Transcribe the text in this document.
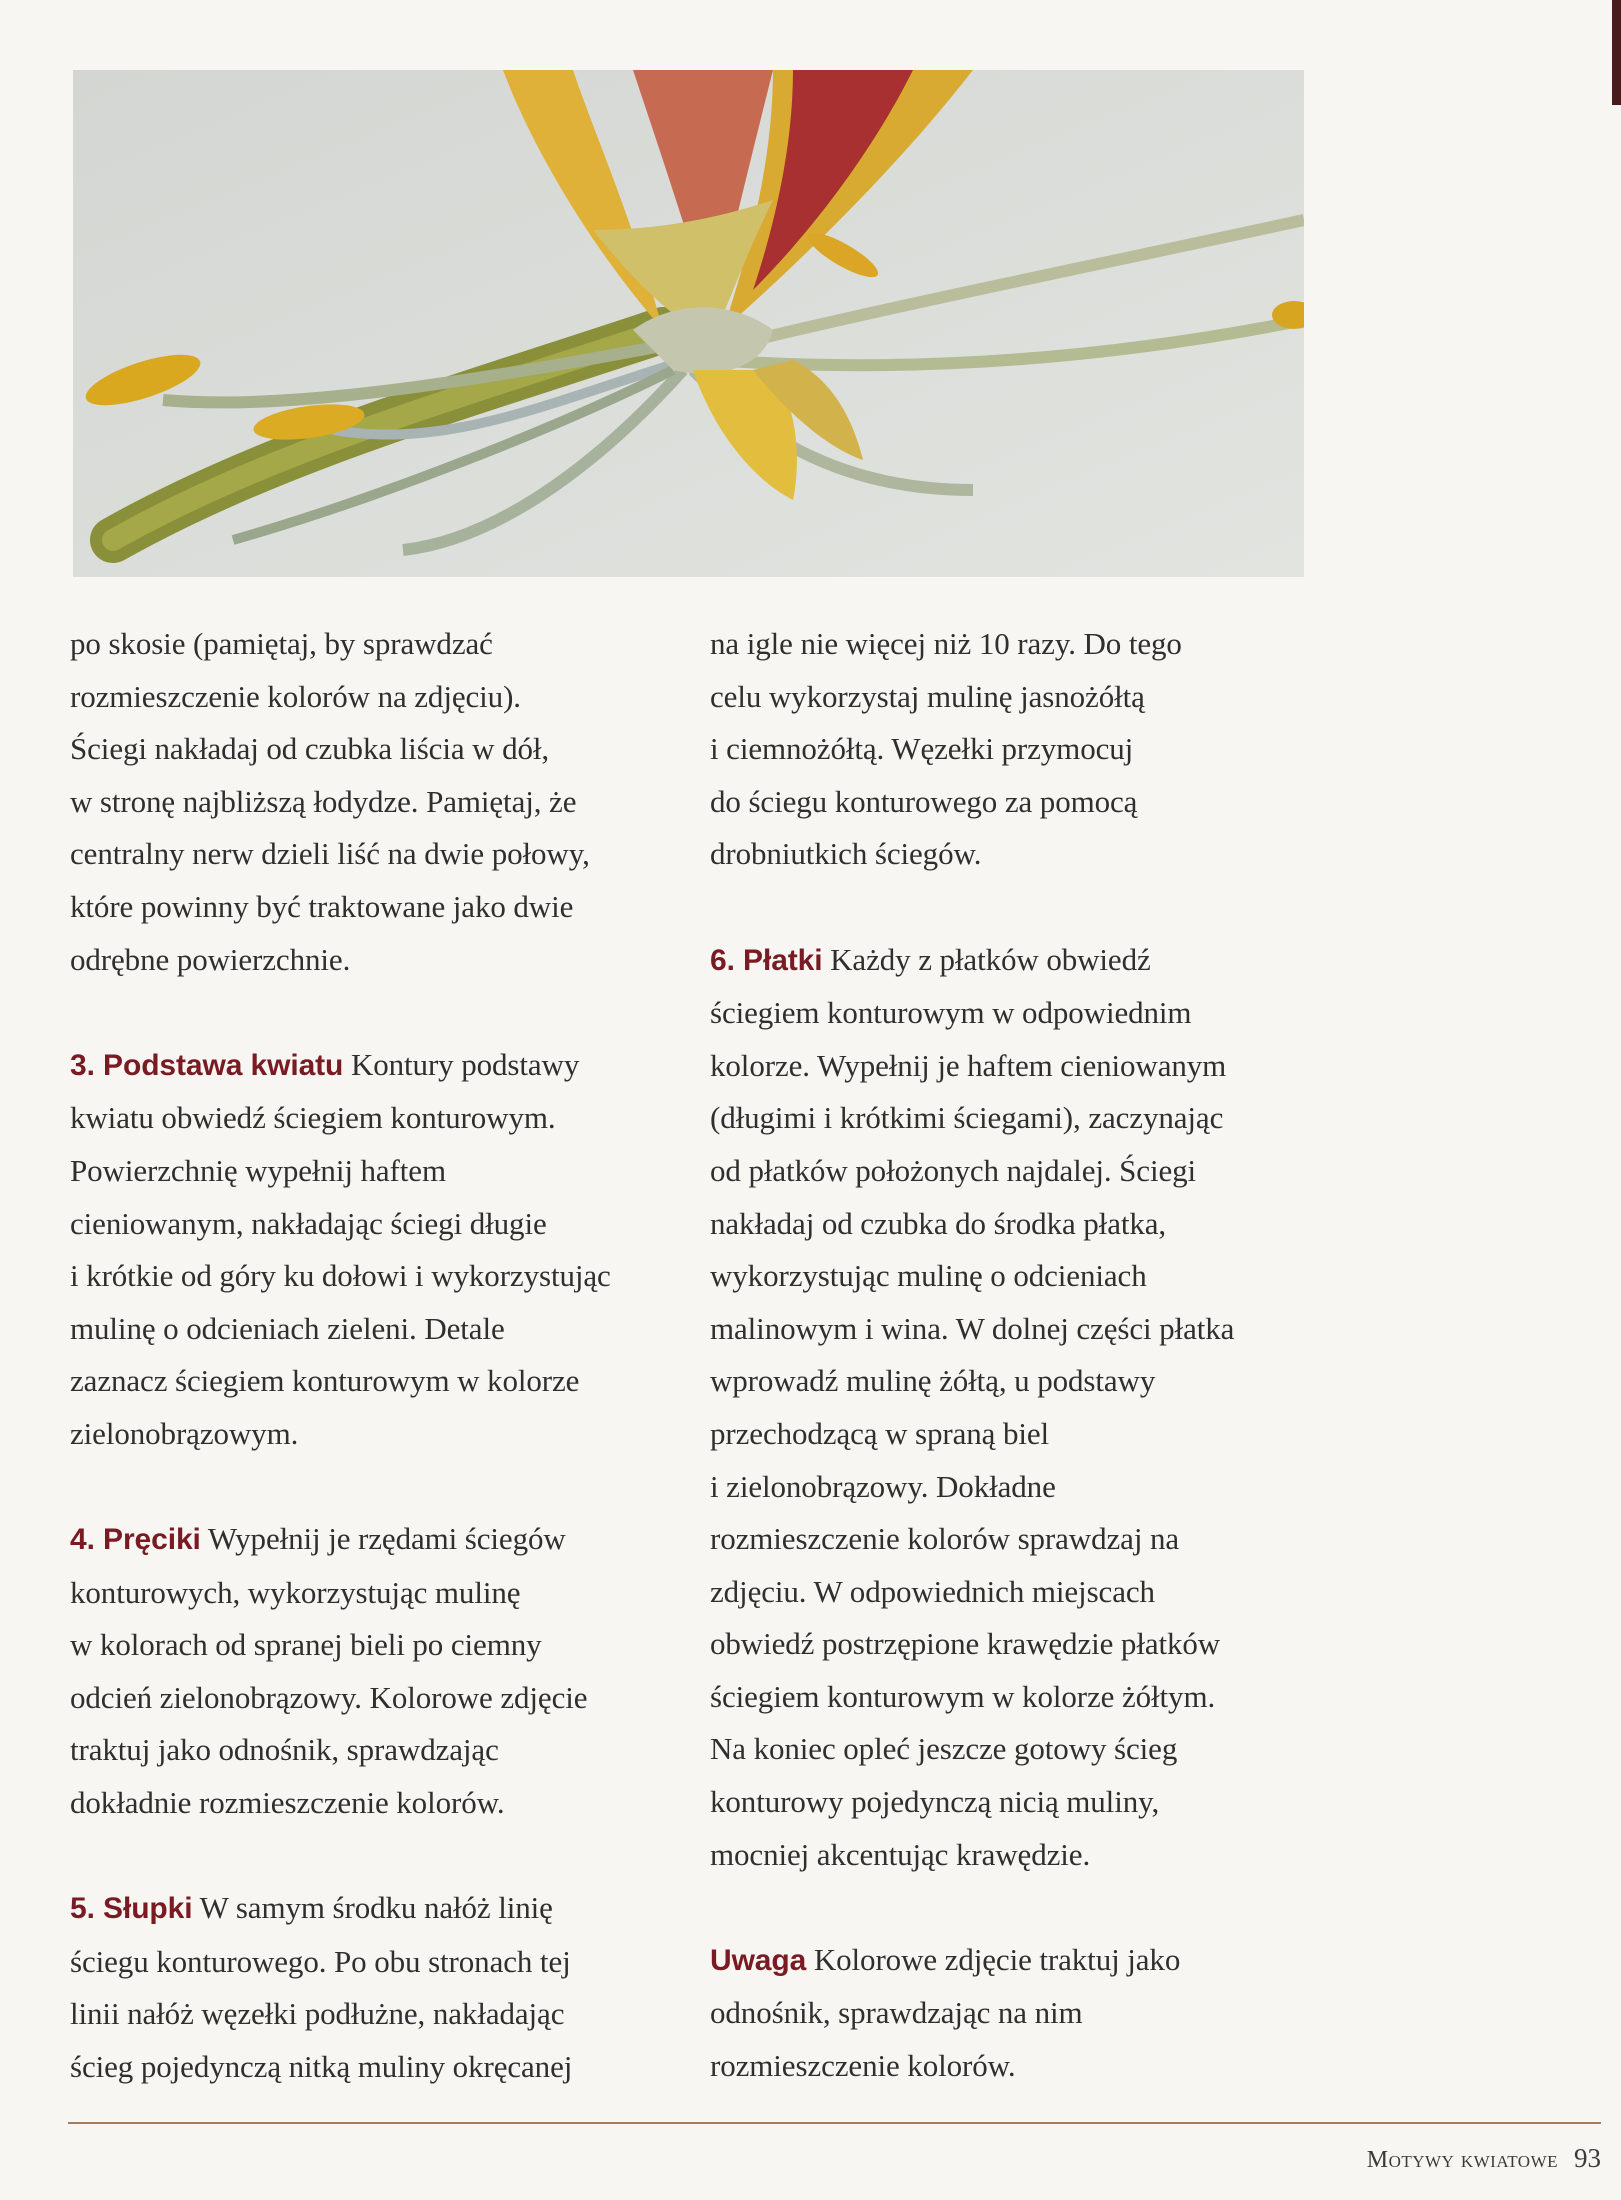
po skosie (pamiętaj, by sprawdzać
rozmieszczenie kolorów na zdjęciu).
Ściegi nakładaj od czubka liścia w dół,
w stronę najbliższą łodydze. Pamiętaj, że
centralny nerw dzieli liść na dwie połowy,
które powinny być traktowane jako dwie
odrębne powierzchnie.
3. Podstawa kwiatu Kontury podstawy
kwiatu obwiedź ściegiem konturowym.
Powierzchnię wypełnij haftem
cieniowanym, nakładając ściegi długie
i krótkie od góry ku dołowi i wykorzystując
mulinę o odcieniach zieleni. Detale
zaznacz ściegiem konturowym w kolorze
zielonobrązowym.
4. Pręciki Wypełnij je rzędami ściegów
konturowych, wykorzystując mulinę
w kolorach od spranej bieli po ciemny
odcień zielonobrązowy. Kolorowe zdjęcie
traktuj jako odnośnik, sprawdzając
dokładnie rozmieszczenie kolorów.
5. Słupki W samym środku nałóż linię
ściegu konturowego. Po obu stronach tej
linii nałóż węzełki podłużne, nakładając
ścieg pojedynczą nitką muliny okręcanej
na igle nie więcej niż 10 razy. Do tego
celu wykorzystaj mulinę jasnożółtą
i ciemnożółtą. Węzełki przymocuj
do ściegu konturowego za pomocą
drobniutkich ściegów.
6. Płatki Każdy z płatków obwiedź
ściegiem konturowym w odpowiednim
kolorze. Wypełnij je haftem cieniowanym
(długimi i krótkimi ściegami), zaczynając
od płatków położonych najdalej. Ściegi
nakładaj od czubka do środka płatka,
wykorzystując mulinę o odcieniach
malinowym i wina. W dolnej części płatka
wprowadź mulinę żółtą, u podstawy
przechodzącą w spraną biel
i zielonobrązowy. Dokładne
rozmieszczenie kolorów sprawdzaj na
zdjęciu. W odpowiednich miejscach
obwiedź postrzępione krawędzie płatków
ściegiem konturowym w kolorze żółtym.
Na koniec opleć jeszcze gotowy ścieg
konturowy pojedynczą nicią muliny,
mocniej akcentując krawędzie.
Uwaga Kolorowe zdjęcie traktuj jako
odnośnik, sprawdzając na nim
rozmieszczenie kolorów.
Motywy kwiatowe 93
